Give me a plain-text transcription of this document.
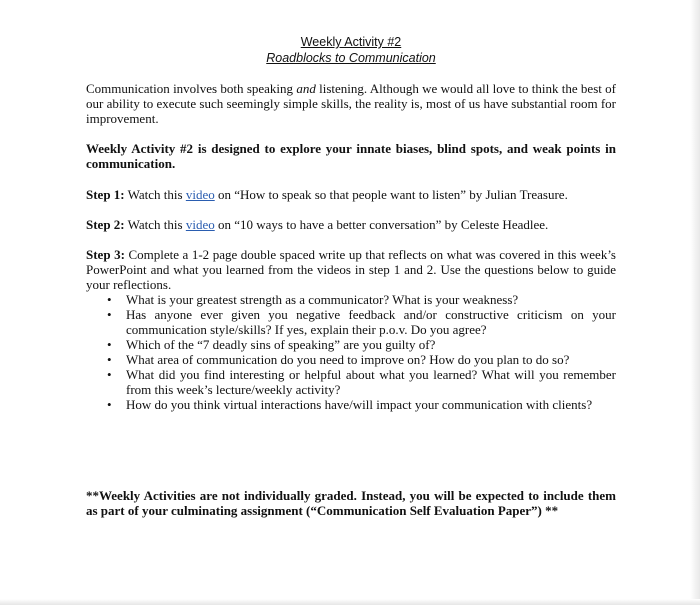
Weekly Activity #2
Roadblocks to Communication

Communication involves both speaking and listening. Although we would all love to think the best of our ability to execute such seemingly simple skills, the reality is, most of us have substantial room for improvement.

Weekly Activity #2 is designed to explore your innate biases, blind spots, and weak points in communication.

Step 1: Watch this video on “How to speak so that people want to listen” by Julian Treasure.

Step 2: Watch this video on “10 ways to have a better conversation” by Celeste Headlee.

Step 3: Complete a 1-2 page double spaced write up that reflects on what was covered in this week’s PowerPoint and what you learned from the videos in step 1 and 2. Use the questions below to guide your reflections.

• What is your greatest strength as a communicator? What is your weakness?
• Has anyone ever given you negative feedback and/or constructive criticism on your communication style/skills? If yes, explain their p.o.v. Do you agree?
• Which of the “7 deadly sins of speaking” are you guilty of?
• What area of communication do you need to improve on? How do you plan to do so?
• What did you find interesting or helpful about what you learned? What will you remember from this week’s lecture/weekly activity?
• How do you think virtual interactions have/will impact your communication with clients?

**Weekly Activities are not individually graded. Instead, you will be expected to include them as part of your culminating assignment (“Communication Self Evaluation Paper”) **
